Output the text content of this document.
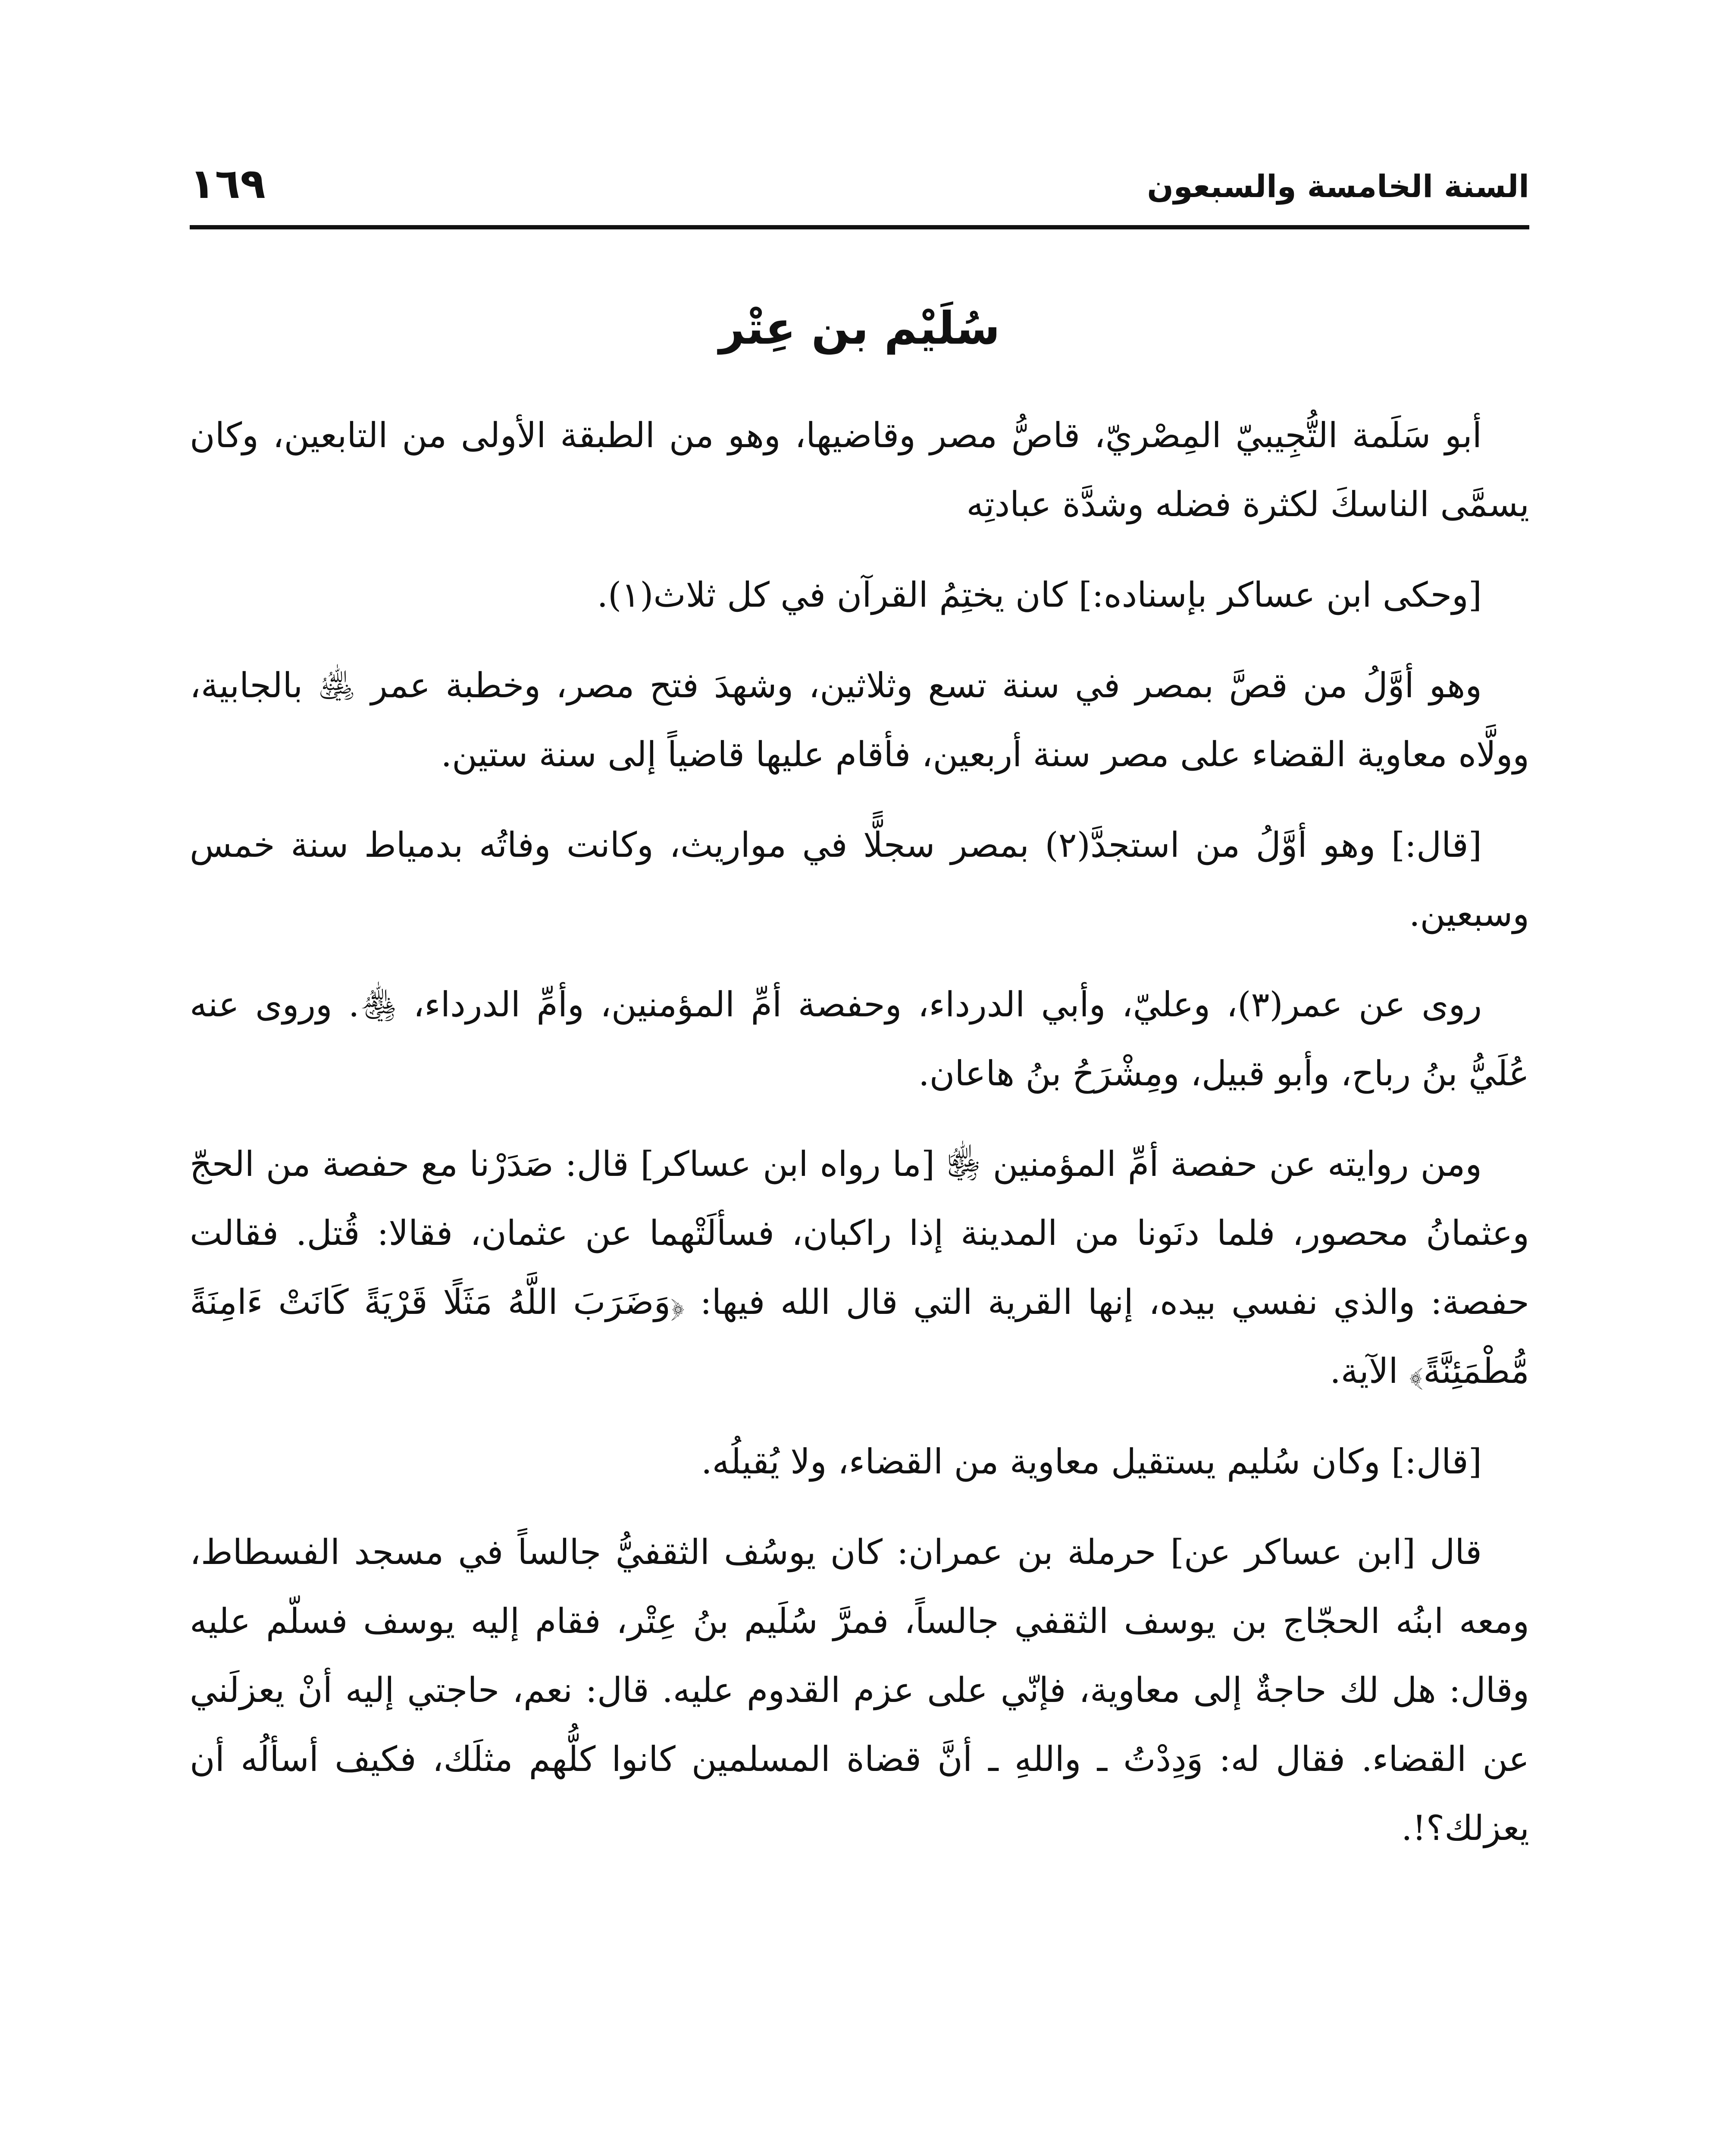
السنة الخامسة والسبعون
١٦٩
سُلَيْم بن عِتْر

أبو سَلَمة التُّجِيبيّ المِصْريّ، قاصُّ مصر وقاضيها، وهو من الطبقة الأولى من التابعين، وكان يسمَّى الناسكَ لكثرة فضله وشدَّة عبادتِه

[وحكى ابن عساكر بإسناده:] كان يختِمُ القرآن في كل ثلاث(١).

وهو أوَّلُ من قصَّ بمصر في سنة تسع وثلاثين، وشهدَ فتح مصر، وخطبة عمر ﵁ بالجابية، وولَّاه معاوية القضاء على مصر سنة أربعين، فأقام عليها قاضياً إلى سنة ستين.

[قال:] وهو أوَّلُ من استجدَّ(٢) بمصر سجلًّا في مواريث، وكانت وفاتُه بدمياط سنة خمس وسبعين.

روى عن عمر(٣)، وعليّ، وأبي الدرداء، وحفصة أمِّ المؤمنين، وأمِّ الدرداء، ﵃. وروى عنه عُلَيُّ بنُ رباح، وأبو قبيل، ومِشْرَحُ بنُ هاعان.

ومن روايته عن حفصة أمِّ المؤمنين ﵂ [ما رواه ابن عساكر] قال: صَدَرْنا مع حفصة من الحجّ وعثمانُ محصور، فلما دنَونا من المدينة إذا راكبان، فسألَتْهما عن عثمان، فقالا: قُتل. فقالت حفصة: والذي نفسي بيده، إنها القرية التي قال الله فيها: ﴿وَضَرَبَ اللَّهُ مَثَلًا قَرْيَةً كَانَتْ ءَامِنَةً مُّطْمَئِنَّةً﴾ الآية.

[قال:] وكان سُليم يستقيل معاوية من القضاء، ولا يُقيلُه.

قال [ابن عساكر عن] حرملة بن عمران: كان يوسُف الثقفيُّ جالساً في مسجد الفسطاط، ومعه ابنُه الحجّاج بن يوسف الثقفي جالساً، فمرَّ سُلَيم بنُ عِتْر، فقام إليه يوسف فسلّم عليه وقال: هل لك حاجةٌ إلى معاوية، فإنّي على عزم القدوم عليه. قال: نعم، حاجتي إليه أنْ يعزلَني عن القضاء. فقال له: وَدِدْتُ ـ واللهِ ـ أنَّ قضاة المسلمين كانوا كلُّهم مثلَك، فكيف أسألُه أن يعزلك؟!.
